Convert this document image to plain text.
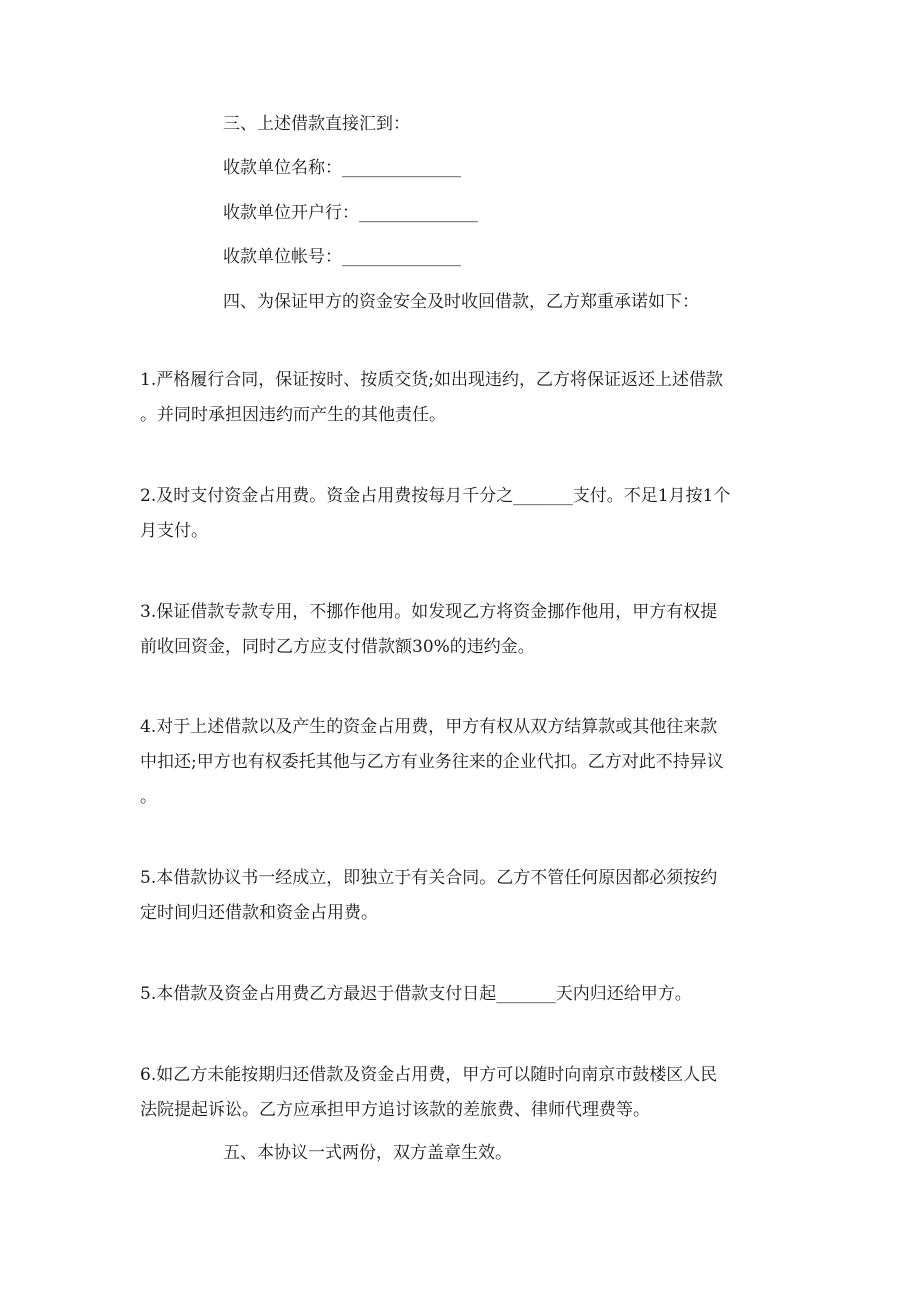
三、上述借款直接汇到：
收款单位名称：______________
收款单位开户行：______________
收款单位帐号：______________
四、为保证甲方的资金安全及时收回借款，乙方郑重承诺如下：
1.严格履行合同，保证按时、按质交货;如出现违约，乙方将保证返还上述借款
。并同时承担因违约而产生的其他责任。
2.及时支付资金占用费。资金占用费按每月千分之_______支付。不足1月按1个
月支付。
3.保证借款专款专用，不挪作他用。如发现乙方将资金挪作他用，甲方有权提
前收回资金，同时乙方应支付借款额30%的违约金。
4.对于上述借款以及产生的资金占用费，甲方有权从双方结算款或其他往来款
中扣还;甲方也有权委托其他与乙方有业务往来的企业代扣。乙方对此不持异议
。
5.本借款协议书一经成立，即独立于有关合同。乙方不管任何原因都必须按约
定时间归还借款和资金占用费。
5.本借款及资金占用费乙方最迟于借款支付日起_______天内归还给甲方。
6.如乙方未能按期归还借款及资金占用费，甲方可以随时向南京市鼓楼区人民
法院提起诉讼。乙方应承担甲方追讨该款的差旅费、律师代理费等。
五、本协议一式两份，双方盖章生效。
